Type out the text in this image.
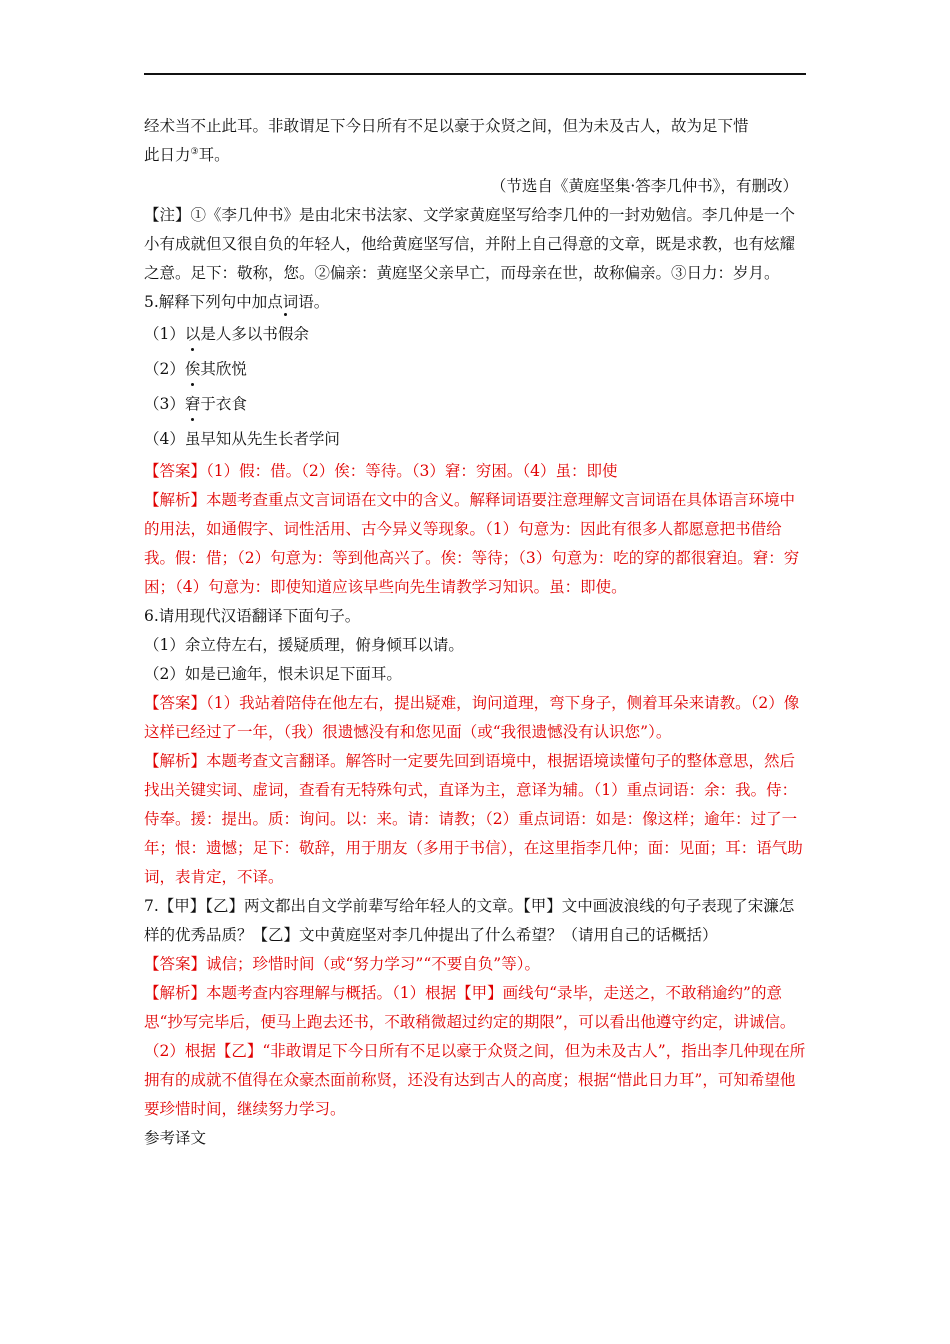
经术当不止此耳。非敢谓足下今日所有不足以豪于众贤之间，但为未及古人，故为足下惜

此日力③耳。

（节选自《黄庭坚集·答李几仲书》，有删改）

【注】①《李几仲书》是由北宋书法家、文学家黄庭坚写给李几仲的一封劝勉信。李几仲是一个小有成就但又很自负的年轻人，他给黄庭坚写信，并附上自己得意的文章，既是求教，也有炫耀之意。足下：敬称，您。②偏亲：黄庭坚父亲早亡，而母亲在世，故称偏亲。③日力：岁月。

5.解释下列句中加点词语。

（1）以是人多以书假余
（2）俟其欣悦
（3）窘于衣食
（4）虽早知从先生长者学问

【答案】（1）假：借。（2）俟：等待。（3）窘：穷困。（4）虽：即使

【解析】本题考查重点文言词语在文中的含义。解释词语要注意理解文言词语在具体语言环境中的用法，如通假字、词性活用、古今异义等现象。（1）句意为：因此有很多人都愿意把书借给我。假：借；（2）句意为：等到他高兴了。俟：等待；（3）句意为：吃的穿的都很窘迫。窘：穷困；（4）句意为：即使知道应该早些向先生请教学习知识。虽：即使。

6.请用现代汉语翻译下面句子。

（1）余立侍左右，援疑质理，俯身倾耳以请。

（2）如是已逾年，恨未识足下面耳。

【答案】（1）我站着陪侍在他左右，提出疑难，询问道理，弯下身子，侧着耳朵来请教。（2）像这样已经过了一年，（我）很遗憾没有和您见面（或“我很遗憾没有认识您”）。

【解析】本题考查文言翻译。解答时一定要先回到语境中，根据语境读懂句子的整体意思，然后找出关键实词、虚词，查看有无特殊句式，直译为主，意译为辅。（1）重点词语：余：我。侍：侍奉。援：提出。质：询问。以：来。请：请教；（2）重点词语：如是：像这样；逾年：过了一年；恨：遗憾；足下：敬辞，用于朋友（多用于书信），在这里指李几仲；面：见面；耳：语气助词，表肯定，不译。

7.【甲】【乙】两文都出自文学前辈写给年轻人的文章。【甲】文中画波浪线的句子表现了宋濂怎样的优秀品质？【乙】文中黄庭坚对李几仲提出了什么希望？（请用自己的话概括）

【答案】诚信；珍惜时间（或“努力学习”“不要自负”等）。

【解析】本题考查内容理解与概括。（1）根据【甲】画线句“录毕，走送之，不敢稍逾约”的意思“抄写完毕后，便马上跑去还书，不敢稍微超过约定的期限”，可以看出他遵守约定，讲诚信。（2）根据【乙】“非敢谓足下今日所有不足以豪于众贤之间，但为未及古人”，指出李几仲现在所拥有的成就不值得在众豪杰面前称贤，还没有达到古人的高度；根据“惜此日力耳”，可知希望他要珍惜时间，继续努力学习。

参考译文
